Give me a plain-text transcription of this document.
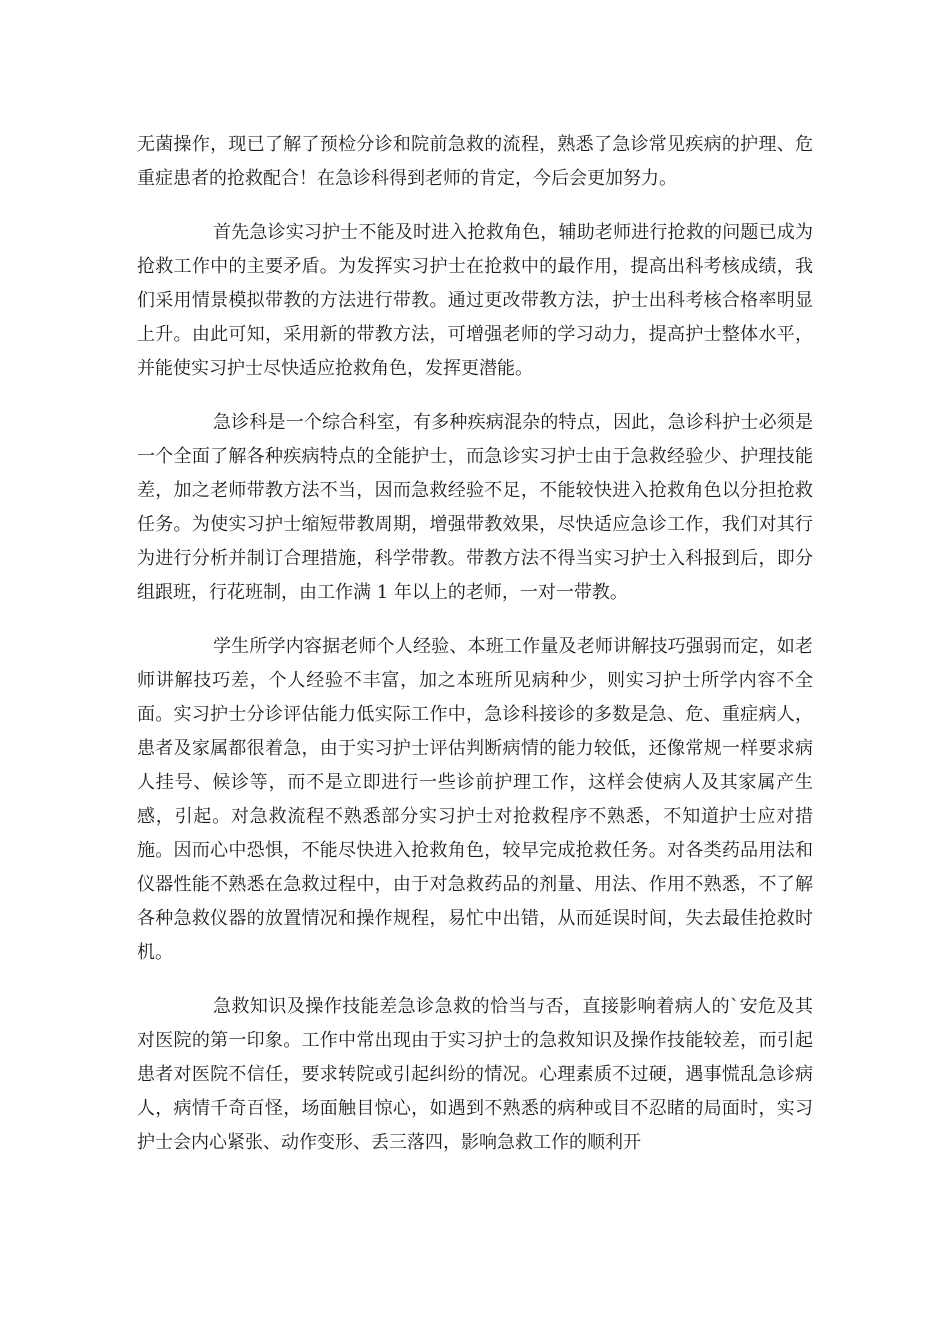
无菌操作，现已了解了预检分诊和院前急救的流程，熟悉了急诊常见疾病的护理、危重症患者的抢救配合！在急诊科得到老师的肯定，今后会更加努力。

首先急诊实习护士不能及时进入抢救角色，辅助老师进行抢救的问题已成为抢救工作中的主要矛盾。为发挥实习护士在抢救中的最作用，提高出科考核成绩，我们采用情景模拟带教的方法进行带教。通过更改带教方法，护士出科考核合格率明显上升。由此可知，采用新的带教方法，可增强老师的学习动力，提高护士整体水平，并能使实习护士尽快适应抢救角色，发挥更潜能。

急诊科是一个综合科室，有多种疾病混杂的特点，因此，急诊科护士必须是一个全面了解各种疾病特点的全能护士，而急诊实习护士由于急救经验少、护理技能差，加之老师带教方法不当，因而急救经验不足，不能较快进入抢救角色以分担抢救任务。为使实习护士缩短带教周期，增强带教效果，尽快适应急诊工作，我们对其行为进行分析并制订合理措施，科学带教。带教方法不得当实习护士入科报到后，即分组跟班，行花班制，由工作满 1 年以上的老师，一对一带教。

学生所学内容据老师个人经验、本班工作量及老师讲解技巧强弱而定，如老师讲解技巧差，个人经验不丰富，加之本班所见病种少，则实习护士所学内容不全面。实习护士分诊评估能力低实际工作中，急诊科接诊的多数是急、危、重症病人，患者及家属都很着急，由于实习护士评估判断病情的能力较低，还像常规一样要求病人挂号、候诊等，而不是立即进行一些诊前护理工作，这样会使病人及其家属产生感，引起。对急救流程不熟悉部分实习护士对抢救程序不熟悉，不知道护士应对措施。因而心中恐惧，不能尽快进入抢救角色，较早完成抢救任务。对各类药品用法和仪器性能不熟悉在急救过程中，由于对急救药品的剂量、用法、作用不熟悉，不了解各种急救仪器的放置情况和操作规程，易忙中出错，从而延误时间，失去最佳抢救时机。

急救知识及操作技能差急诊急救的恰当与否，直接影响着病人的`安危及其对医院的第一印象。工作中常出现由于实习护士的急救知识及操作技能较差，而引起患者对医院不信任，要求转院或引起纠纷的情况。心理素质不过硬，遇事慌乱急诊病人，病情千奇百怪，场面触目惊心，如遇到不熟悉的病种或目不忍睹的局面时，实习护士会内心紧张、动作变形、丢三落四，影响急救工作的顺利开
